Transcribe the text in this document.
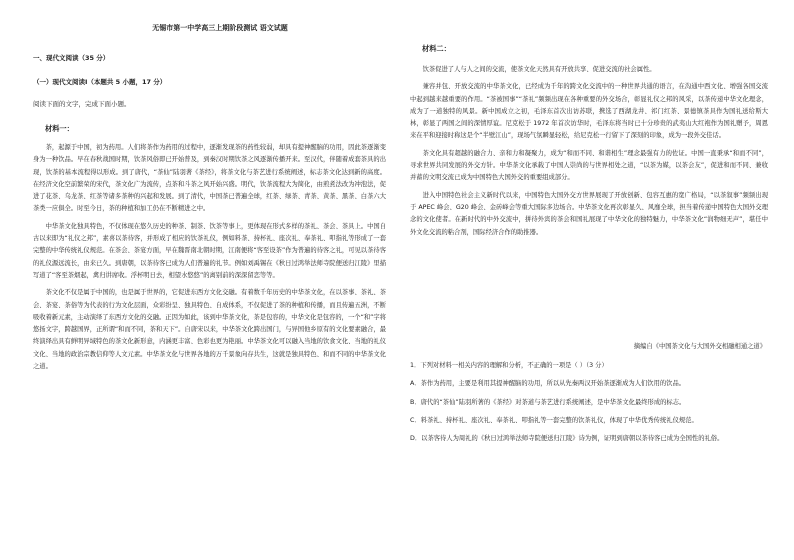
无锡市第一中学高三上期阶段测试 语文试题
一、现代文阅读（35 分）
（一）现代文阅读Ⅰ（本题共 5 小题，17 分）
阅读下面的文字，完成下面小题。
材料一：

茶，起源于中国，初为药用。人们将茶作为药用的过程中，逐渐发现茶的药性较弱，却具有提神醒脑的功用，因此茶逐渐变身为一种饮品。早在春秋战国时期，饮茶风俗即已开始普及，到秦汉时期饮茶之风逐渐传播开来。至汉代，伴随着成套茶具的出现，饮茶的基本流程得以形成。到了唐代，“茶仙”陆羽著《茶经》，将茶文化与茶艺进行系统阐述，标志茶文化达到新的高度。在经济文化空前繁荣的宋代，茶文化广为流传，点茶和斗茶之风开始兴盛。明代，饮茶流程大为简化，由煎煮法改为冲泡法，促进了花茶、乌龙茶、红茶等诸多茶种的兴起和发展。到了清代，中国茶已普遍全球，红茶、绿茶、青茶、黄茶、黑茶、白茶六大茶类一应俱全。时至今日，茶的种植和加工仍在不断精进之中。

中华茶文化独具特色，不仅体现在悠久历史的种茶、制茶、饮茶等事上，更体现在形式多样的茶礼、茶会、茶具上。中国自古以来即为“礼仪之邦”，素喜以茶待客，并形成了相应的饮茶礼仪，例如料茶、持杯礼、座次礼、奉茶礼、叩指礼等形成了一套完整的中华传统礼仪规范。在茶会、茶宴方面，早在魏晋南北朝时期，江南便将“客至设茶”作为普遍的待客之礼，可见以茶待客的礼仪源远流长，由来已久。到唐朝，以茶待客已成为人们普遍的礼节。例如刘禹锡在《秋日过鸿举法师寺院便送归江陵》里描写道了“客至茶烟起，禽归讲席收。浮杯明日去，相望水悠悠”的离别前的深深留恋等等。

茶文化不仅是属于中国的，也是属于世界的，它促进东西方文化交融。有着数千年历史的中华茶文化，在以茶事、茶礼、茶会、茶宴、茶俗等为代表的行为文化层面，众彩纷呈、独具特色、自成体系，不仅促进了茶的种植和传播，而且传遍五洲，不断吸收着新元素，主动演绎了东西方文化的交融。正因为如此，该到中华茶文化，茶是包容的，中华文化是包容的，一个“和”字将悠扬文字，跨越国界，正所谓“和而不同，茶和天下”。自唐宋以来，中华茶文化跨出国门，与异国他乡原有的文化要素融合，最终演绎出具有鲜明异域特色的茶文化新形意，内涵更丰富、色彩也更为艳丽。中华茶文化可以融入当地的饮食文化、当地的礼仪文化、当地的政治宗教信仰等人文元素。中华茶文化与世界各地的万千景象向存共生，这就是独具特色、和而不同的中华茶文化之道。

材料二：

饮茶促进了人与人之间的交流，使茶文化天然具有开放共享、促进交流的社会属性。

兼容并包、开放交流的中华茶文化，已经成为千年的跨文化交流中的一种世界共通的语言，在沟通中西文化、增强各国交流中起到越来越重要的作用。“茶被国事”“茶礼”频频出现在各种重要的外交场合，彰显礼仪之邦的风采，以茶传递中华文化理念，成为了一道独特的风景。新中国成立之初，毛泽东首次出访苏联，携选了西湖龙井、祁门红茶、景德镇茶具作为国礼送给斯大林，彰显了两国之间的深情厚谊。尼克松于 1972 年首次访华时，毛泽东将当时已十分珍贵的武夷山大红袍作为国礼赠予，周恩来在平和迎接时称这是个“半壁江山”，现场气氛瞬显轻松，给尼克松一行留下了深刻的印象，成为一段外交佳话。

茶文化具有超越的融合力、亲和力和凝聚力，成为“和而不同、和谐相生”理念最强有力的佐证。中国一直秉承“和而不同”，寻求世界共同发展的外交方针。中华茶文化承载了中国人崇尚的与世界相处之道，“以茶为媒，以茶会友”，促进和而不同、兼收并蓄的文明交流已成为中国特色大国外交的重要组成部分。

进入中国特色社会主义新时代以来，中国特色大国外交方世界展现了开放创新、包容互惠的宽广格局，“以茶叙事”频频出现于 APEC 峰会、G20 峰会、金砖峰会等重大国际多边场合。中华茶文化再次彰显久、风靡全球，担当着传递中国特色大国外交理念的文化使者。在新时代的中外交流中，拼待外宾的茶会和国礼展现了中华文化的独特魅力，中华茶文化“润物细无声”，堪任中外文化交流的粘合剂，国际经济合作的助推器。

摘编自《中国茶文化与大国外交相融相通之道》

1．下列对材料一相关内容的理解和分析，不正确的一项是（ ）（3 分）

A．茶作为药用，主要是利用其提神醒脑的功用，所以从先秦两汉开始茶逐渐成为人们饮用的饮品。

B．唐代的“茶仙”陆羽所著的《茶经》对茶道与茶艺进行系统阐述，是中华茶文化最终形成的标志。

C．料茶礼、持杯礼、座次礼、奉茶礼、叩指礼等一套完整的饮茶礼仪，体现了中华优秀传统礼仪规范。

D．以茶客待人为周礼的《秋日过鸿举法师寺院便送归江陵》诗为例，证明到唐朝以茶待客已成为全国性的礼俗。
